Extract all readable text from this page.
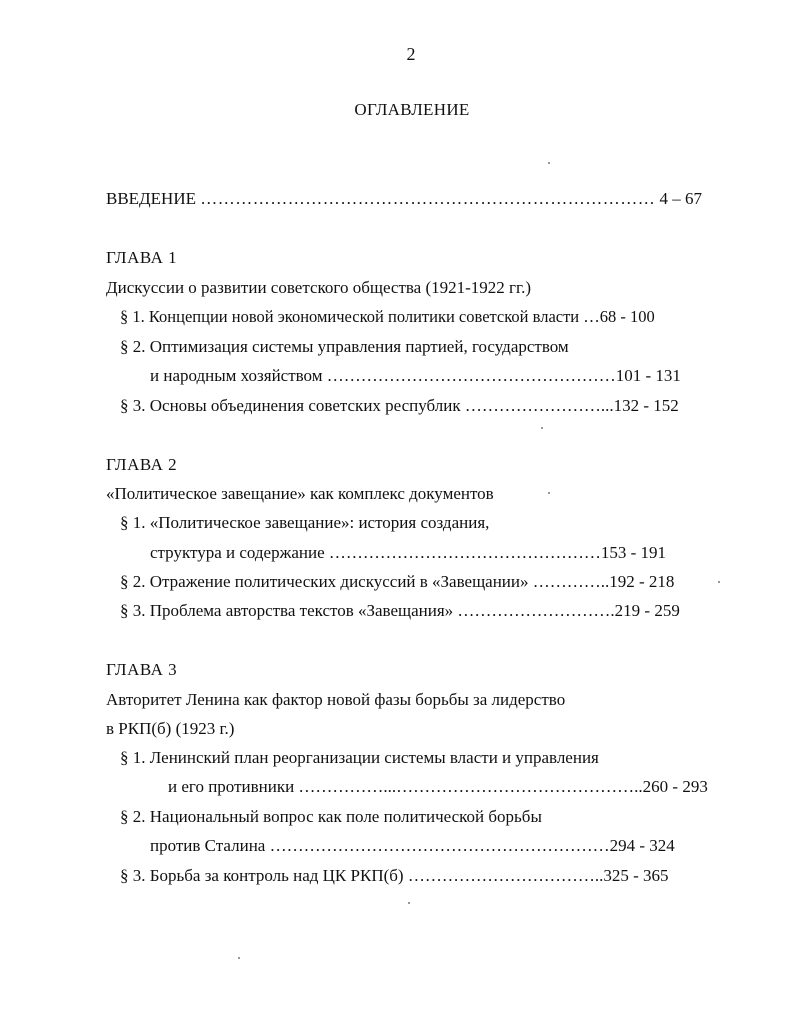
2
ОГЛАВЛЕНИЕ
ВВЕДЕНИЕ …………………………………………………………………… 4 – 67
ГЛАВА 1
Дискуссии о развитии советского общества (1921-1922 гг.)
§ 1. Концепции новой экономической политики советской власти …68 - 100
§ 2. Оптимизация системы управления партией, государством
и народным хозяйством ……………………………………………101 - 131
§ 3. Основы объединения советских республик ……………………...132 - 152
ГЛАВА 2
«Политическое завещание» как комплекс документов
§ 1. «Политическое завещание»: история создания,
структура и содержание …………………………………………153 - 191
§ 2. Отражение политических дискуссий в «Завещании» …………..192 - 218
§ 3. Проблема авторства текстов «Завещания» ……………………….219 - 259
ГЛАВА 3
Авторитет Ленина как фактор новой фазы борьбы за лидерство
в РКП(б) (1923 г.)
§ 1. Ленинский план реорганизации системы власти и управления
и его противники ……………...……………………………………..260 - 293
§ 2. Национальный вопрос как поле политической борьбы
против Сталина ……………………………………………………294 - 324
§ 3. Борьба за контроль над ЦК РКП(б) ……………………………..325 - 365
